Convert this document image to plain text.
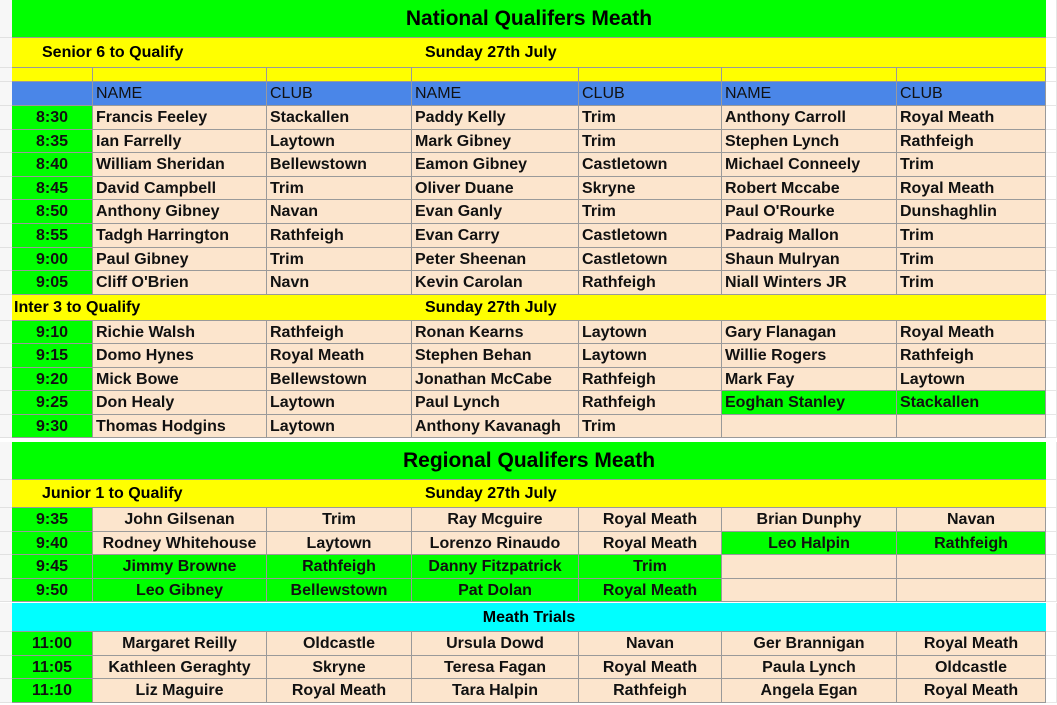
National Qualifers Meath
Senior 6 to Qualify	Sunday 27th July
NAME	CLUB	NAME	CLUB	NAME	CLUB
8:30	Francis Feeley	Stackallen	Paddy Kelly	Trim	Anthony Carroll	Royal Meath
8:35	Ian Farrelly	Laytown	Mark Gibney	Trim	Stephen Lynch	Rathfeigh
8:40	William Sheridan	Bellewstown	Eamon Gibney	Castletown	Michael Conneely	Trim
8:45	David Campbell	Trim	Oliver Duane	Skryne	Robert Mccabe	Royal Meath
8:50	Anthony Gibney	Navan	Evan Ganly	Trim	Paul O'Rourke	Dunshaghlin
8:55	Tadgh Harrington	Rathfeigh	Evan Carry	Castletown	Padraig Mallon	Trim
9:00	Paul Gibney	Trim	Peter Sheenan	Castletown	Shaun Mulryan	Trim
9:05	Cliff O'Brien	Navn	Kevin Carolan	Rathfeigh	Niall Winters JR	Trim
Inter 3 to Qualify	Sunday 27th July
9:10	Richie Walsh	Rathfeigh	Ronan Kearns	Laytown	Gary Flanagan	Royal Meath
9:15	Domo Hynes	Royal Meath	Stephen Behan	Laytown	Willie Rogers	Rathfeigh
9:20	Mick Bowe	Bellewstown	Jonathan McCabe	Rathfeigh	Mark Fay	Laytown
9:25	Don Healy	Laytown	Paul Lynch	Rathfeigh	Eoghan Stanley	Stackallen
9:30	Thomas Hodgins	Laytown	Anthony Kavanagh	Trim
Regional Qualifers Meath
Junior 1 to Qualify	Sunday 27th July
9:35	John Gilsenan	Trim	Ray Mcguire	Royal Meath	Brian Dunphy	Navan
9:40	Rodney Whitehouse	Laytown	Lorenzo Rinaudo	Royal Meath	Leo Halpin	Rathfeigh
9:45	Jimmy Browne	Rathfeigh	Danny Fitzpatrick	Trim
9:50	Leo Gibney	Bellewstown	Pat Dolan	Royal Meath
Meath Trials
11:00	Margaret Reilly	Oldcastle	Ursula Dowd	Navan	Ger Brannigan	Royal Meath
11:05	Kathleen Geraghty	Skryne	Teresa Fagan	Royal Meath	Paula Lynch	Oldcastle
11:10	Liz Maguire	Royal Meath	Tara Halpin	Rathfeigh	Angela Egan	Royal Meath
